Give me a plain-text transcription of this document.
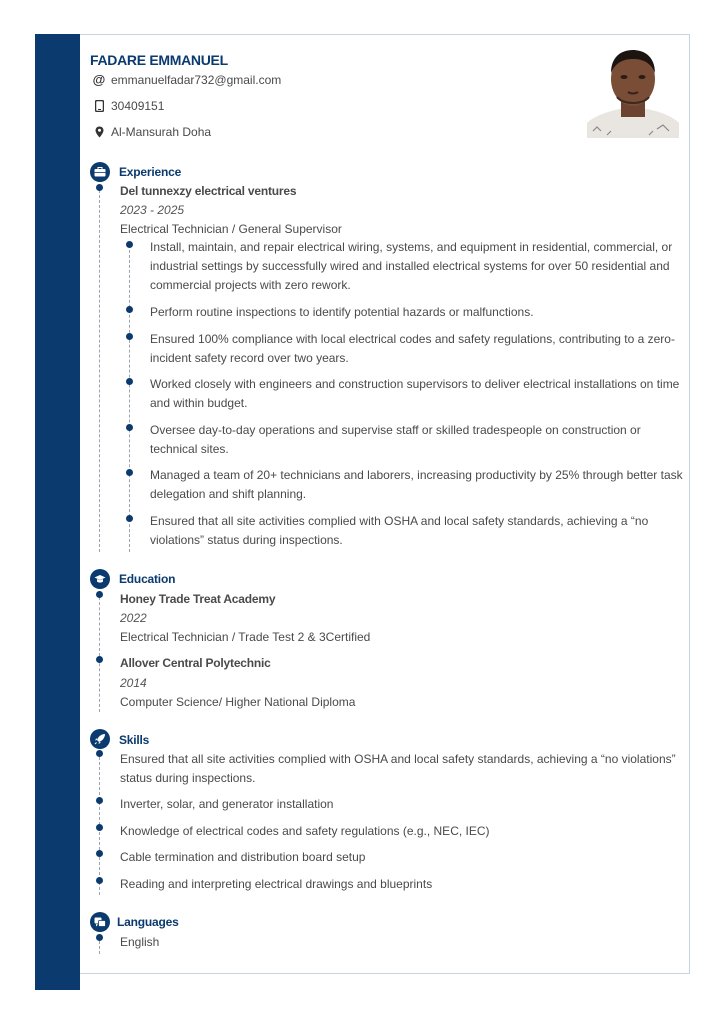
FADARE EMMANUEL
@ emmanuelfadar732@gmail.com
30409151
Al-Mansurah Doha
Experience
Del tunnexzy electrical ventures
2023 - 2025
Electrical Technician / General Supervisor
Install, maintain, and repair electrical wiring, systems, and equipment in residential, commercial, or industrial settings by successfully wired and installed electrical systems for over 50 residential and commercial projects with zero rework.
Perform routine inspections to identify potential hazards or malfunctions.
Ensured 100% compliance with local electrical codes and safety regulations, contributing to a zero-incident safety record over two years.
Worked closely with engineers and construction supervisors to deliver electrical installations on time and within budget.
Oversee day-to-day operations and supervise staff or skilled tradespeople on construction or technical sites.
Managed a team of 20+ technicians and laborers, increasing productivity by 25% through better task delegation and shift planning.
Ensured that all site activities complied with OSHA and local safety standards, achieving a “no violations” status during inspections.
Education
Honey Trade Treat Academy
2022
Electrical Technician / Trade Test 2 & 3Certified
Allover Central Polytechnic
2014
Computer Science/ Higher National Diploma
Skills
Ensured that all site activities complied with OSHA and local safety standards, achieving a “no violations” status during inspections.
Inverter, solar, and generator installation
Knowledge of electrical codes and safety regulations (e.g., NEC, IEC)
Cable termination and distribution board setup
Reading and interpreting electrical drawings and blueprints
Languages
English
